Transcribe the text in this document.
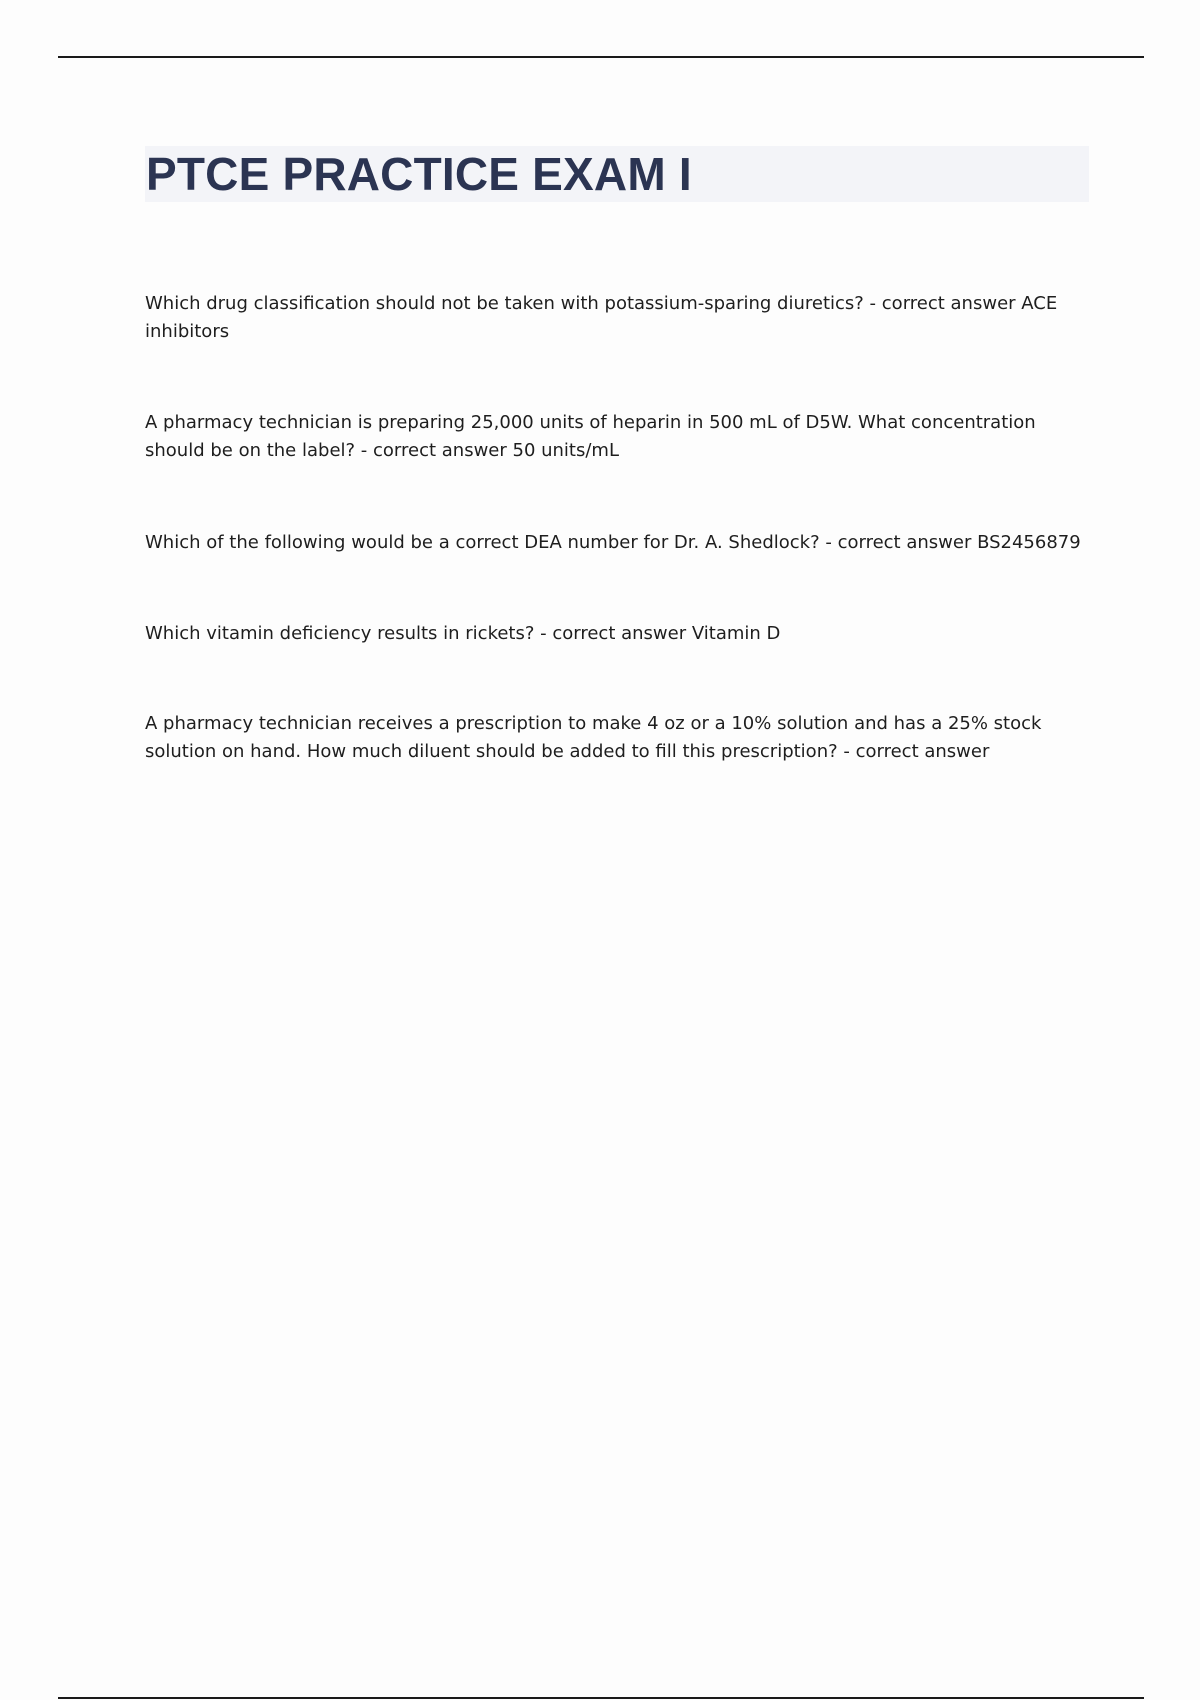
PTCE PRACTICE EXAM I

Which drug classification should not be taken with potassium-sparing diuretics? - correct answer ACE inhibitors

A pharmacy technician is preparing 25,000 units of heparin in 500 mL of D5W. What concentration should be on the label? - correct answer 50 units/mL

Which of the following would be a correct DEA number for Dr. A. Shedlock? - correct answer BS2456879

Which vitamin deficiency results in rickets? - correct answer Vitamin D

A pharmacy technician receives a prescription to make 4 oz or a 10% solution and has a 25% stock solution on hand. How much diluent should be added to fill this prescription? - correct answer
